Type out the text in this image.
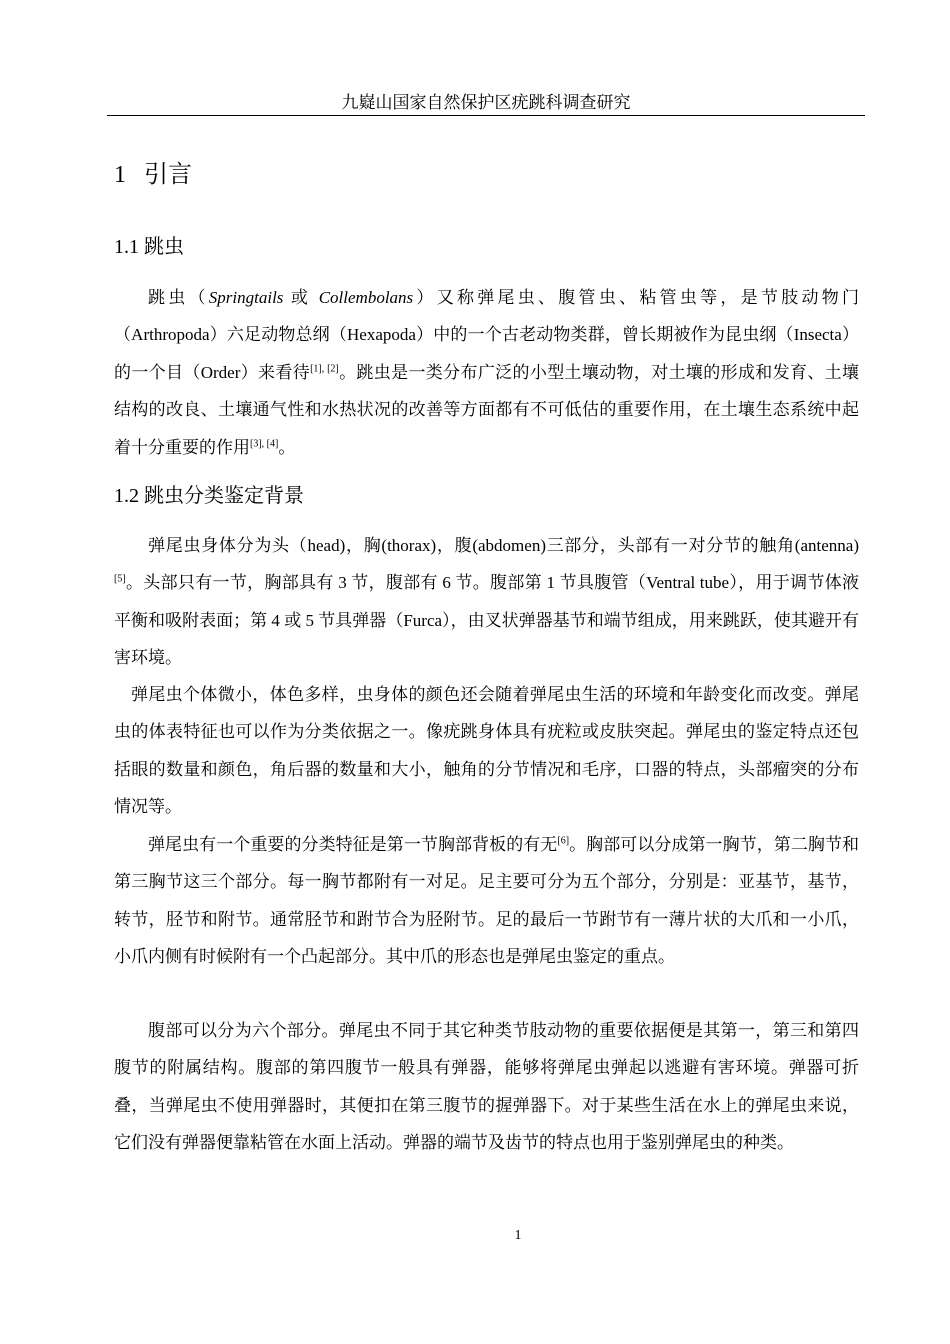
九嶷山国家自然保护区疣跳科调查研究
1 引言
1.1 跳虫

跳虫（Springtails 或 Collembolans）又称弹尾虫、腹管虫、粘管虫等，是节肢动物门（Arthropoda）六足动物总纲（Hexapoda）中的一个古老动物类群，曾长期被作为昆虫纲（Insecta）的一个目（Order）来看待[1], [2]。跳虫是一类分布广泛的小型土壤动物，对土壤的形成和发育、土壤结构的改良、土壤通气性和水热状况的改善等方面都有不可低估的重要作用，在土壤生态系统中起着十分重要的作用[3], [4]。

1.2 跳虫分类鉴定背景

弹尾虫身体分为头（head)，胸(thorax)，腹(abdomen)三部分，头部有一对分节的触角(antenna)[5]。头部只有一节，胸部具有 3 节，腹部有 6 节。腹部第 1 节具腹管（Ventral tube），用于调节体液平衡和吸附表面；第 4 或 5 节具弹器（Furca），由叉状弹器基节和端节组成，用来跳跃，使其避开有害环境。

弹尾虫个体微小，体色多样，虫身体的颜色还会随着弹尾虫生活的环境和年龄变化而改变。弹尾虫的体表特征也可以作为分类依据之一。像疣跳身体具有疣粒或皮肤突起。弹尾虫的鉴定特点还包括眼的数量和颜色，角后器的数量和大小，触角的分节情况和毛序，口器的特点，头部瘤突的分布情况等。

弹尾虫有一个重要的分类特征是第一节胸部背板的有无[6]。胸部可以分成第一胸节，第二胸节和第三胸节这三个部分。每一胸节都附有一对足。足主要可分为五个部分，分别是：亚基节，基节，转节，胫节和附节。通常胫节和跗节合为胫附节。足的最后一节跗节有一薄片状的大爪和一小爪，小爪内侧有时候附有一个凸起部分。其中爪的形态也是弹尾虫鉴定的重点。

腹部可以分为六个部分。弹尾虫不同于其它种类节肢动物的重要依据便是其第一，第三和第四腹节的附属结构。腹部的第四腹节一般具有弹器，能够将弹尾虫弹起以逃避有害环境。弹器可折叠，当弹尾虫不使用弹器时，其便扣在第三腹节的握弹器下。对于某些生活在水上的弹尾虫来说，它们没有弹器便靠粘管在水面上活动。弹器的端节及齿节的特点也用于鉴别弹尾虫的种类。

1
